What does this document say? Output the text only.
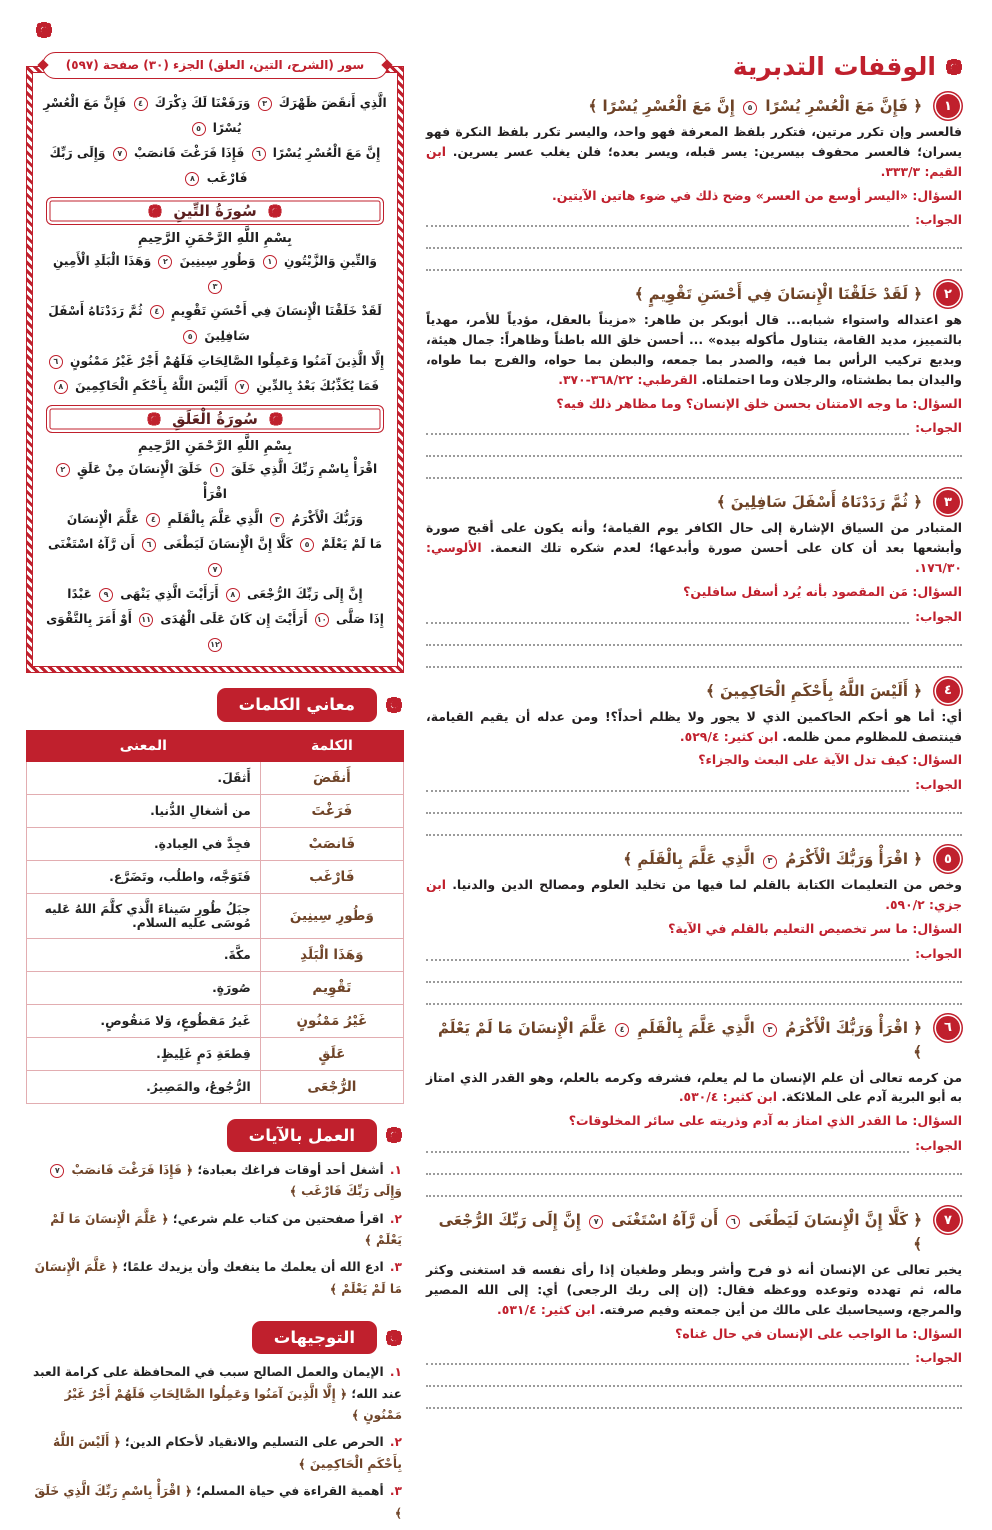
الوقفات التدبرية
١
﴿ فَإِنَّ مَعَ الْعُسْرِ يُسْرًا ٥ إِنَّ مَعَ الْعُسْرِ يُسْرًا ﴾

فالعسر وإن تكرر مرتين، فتكرر بلفظ المعرفة فهو واحد، واليسر تكرر بلفظ النكرة فهو يسران؛ فالعسر محفوف بيسرين: يسر قبله، ويسر بعده؛ فلن يغلب عسر يسرين. ابن القيم: ٣٣٣/٣.

السؤال: «اليسر أوسع من العسر» وضح ذلك في ضوء هاتين الآيتين.

الجواب:
٢
﴿ لَقَدْ خَلَقْنَا الْإِنسَانَ فِي أَحْسَنِ تَقْوِيمٍ ﴾

هو اعتداله واستواء شبابه... قال أبوبكر بن طاهر: «مزيناً بالعقل، مؤدياً للأمر، مهدياً بالتمييز، مديد القامة، يتناول مأكوله بيده» ... أحسن خلق الله باطناً وظاهراً: جمال هيئة، وبديع تركيب الرأس بما فيه، والصدر بما جمعه، والبطن بما حواه، والفرج بما طواه، واليدان بما بطشتاه، والرجلان وما احتملتاه. القرطبي: ٣٦٨/٢٢-٣٧٠.

السؤال: ما وجه الامتنان بحسن خلق الإنسان؟ وما مظاهر ذلك فيه؟

الجواب:
٣
﴿ ثُمَّ رَدَدْنَاهُ أَسْفَلَ سَافِلِينَ ﴾

المتبادر من السياق الإشارة إلى حال الكافر يوم القيامة؛ وأنه يكون على أقبح صورة وأبشعها بعد أن كان على أحسن صورة وأبدعها؛ لعدم شكره تلك النعمة. الألوسي: ١٧٦/٣٠.

السؤال: مَن المقصود بأنه يُرد أسفل سافلين؟

الجواب:
٤
﴿ أَلَيْسَ اللَّهُ بِأَحْكَمِ الْحَاكِمِينَ ﴾

أي: أما هو أحكم الحاكمين الذي لا يجور ولا يظلم أحداً؟! ومن عدله أن يقيم القيامة، فينتصف للمظلوم ممن ظلمه. ابن كثير: ٥٢٩/٤.

السؤال: كيف تدل الآية على البعث والجزاء؟

الجواب:
٥
﴿ اقْرَأْ وَرَبُّكَ الْأَكْرَمُ ٣ الَّذِي عَلَّمَ بِالْقَلَمِ ﴾

وخص من التعليمات الكتابة بالقلم لما فيها من تخليد العلوم ومصالح الدين والدنيا. ابن جزي: ٥٩٠/٢.

السؤال: ما سر تخصيص التعليم بالقلم في الآية؟

الجواب:
٦
﴿ اقْرَأْ وَرَبُّكَ الْأَكْرَمُ ٣ الَّذِي عَلَّمَ بِالْقَلَمِ ٤ عَلَّمَ الْإِنسَانَ مَا لَمْ يَعْلَمْ ﴾

من كرمه تعالى أن علم الإنسان ما لم يعلم، فشرفه وكرمه بالعلم، وهو القدر الذي امتاز به أبو البرية آدم على الملائكة. ابن كثير: ٥٣٠/٤.

السؤال: ما القدر الذي امتاز به آدم وذريته على سائر المخلوقات؟

الجواب:
٧
﴿ كَلَّا إِنَّ الْإِنسَانَ لَيَطْغَى ٦ أَن رَّآهُ اسْتَغْنَى ٧ إِنَّ إِلَى رَبِّكَ الرُّجْعَى ﴾

يخبر تعالى عن الإنسان أنه ذو فرح وأشر وبطر وطغيان إذا رأى نفسه قد استغنى وكثر ماله، ثم تهدده وتوعده ووعظه فقال: (إن إلى ربك الرجعى) أي: إلى الله المصير والمرجع، وسيحاسبك على مالك من أين جمعته وفيم صرفته. ابن كثير: ٥٣١/٤.

السؤال: ما الواجب على الإنسان في حال غناه؟

الجواب:
سور (الشرح، التين، العلق) الجزء (٣٠) صفحة (٥٩٧)
الَّذِي أَنقَضَ ظَهْرَكَ ٣ وَرَفَعْنَا لَكَ ذِكْرَكَ ٤ فَإِنَّ مَعَ الْعُسْرِ يُسْرًا ٥
إِنَّ مَعَ الْعُسْرِ يُسْرًا ٦ فَإِذَا فَرَغْتَ فَانصَبْ ٧ وَإِلَى رَبِّكَ فَارْغَب ٨
سُورَةُ التِّينِ
بِسْمِ اللَّهِ الرَّحْمَنِ الرَّحِيمِ
وَالتِّينِ وَالزَّيْتُونِ ١ وَطُورِ سِينِينَ ٢ وَهَذَا الْبَلَدِ الْأَمِينِ ٣
لَقَدْ خَلَقْنَا الْإِنسَانَ فِي أَحْسَنِ تَقْوِيمٍ ٤ ثُمَّ رَدَدْنَاهُ أَسْفَلَ سَافِلِينَ ٥
إِلَّا الَّذِينَ آمَنُوا وَعَمِلُوا الصَّالِحَاتِ فَلَهُمْ أَجْرٌ غَيْرُ مَمْنُونٍ ٦
فَمَا يُكَذِّبُكَ بَعْدُ بِالدِّينِ ٧ أَلَيْسَ اللَّهُ بِأَحْكَمِ الْحَاكِمِينَ ٨
سُورَةُ الْعَلَقِ
بِسْمِ اللَّهِ الرَّحْمَنِ الرَّحِيمِ
اقْرَأْ بِاسْمِ رَبِّكَ الَّذِي خَلَقَ ١ خَلَقَ الْإِنسَانَ مِنْ عَلَقٍ ٢ اقْرَأْ
وَرَبُّكَ الْأَكْرَمُ ٣ الَّذِي عَلَّمَ بِالْقَلَمِ ٤ عَلَّمَ الْإِنسَانَ
مَا لَمْ يَعْلَمْ ٥ كَلَّا إِنَّ الْإِنسَانَ لَيَطْغَى ٦ أَن رَّآهُ اسْتَغْنَى ٧
إِنَّ إِلَى رَبِّكَ الرُّجْعَى ٨ أَرَأَيْتَ الَّذِي يَنْهَى ٩ عَبْدًا
إِذَا صَلَّى ١٠ أَرَأَيْتَ إِن كَانَ عَلَى الْهُدَى ١١ أَوْ أَمَرَ بِالتَّقْوَى ١٢
معاني الكلمات
الكلمة	المعنى
أَنقَضَ	أَثقَلَ.
فَرَغْتَ	من أشغالِ الدُّنيا.
فَانصَبْ	فجِدَّ في العِبادةِ.
فَارْغَب	فَتَوَجَّه، واطلُب، وتَضَرَّع.
وَطُورِ سِينِينَ	جبَلُ طُورِ سَيناءَ الَّذي كلَّمَ اللهُ عَليه مُوسَى عليه السلام.
وَهَذَا الْبَلَدِ	مكَّةَ.
تَقْوِيم	صُورَةٍ.
غَيْرُ مَمْنُونٍ	غَيرُ مَقطُوعٍ، وَلا مَنقُوصٍ.
عَلَقٍ	قِطعَةِ دَمٍ غَلِيظٍ.
الرُّجْعَى	الرُّجُوعُ، والمَصِيرُ.
العمل بالآيات
١. أشغل أحد أوقات فراغك بعبادة؛ ﴿ فَإِذَا فَرَغْتَ فَانصَبْ ٧ وَإِلَى رَبِّكَ فَارْغَب ﴾
٢. اقرأ صفحتين من كتاب علم شرعي؛ ﴿ عَلَّمَ الْإِنسَانَ مَا لَمْ يَعْلَمْ ﴾
٣. ادع الله أن يعلمك ما ينفعك وأن يزيدك علمًا؛ ﴿ عَلَّمَ الْإِنسَانَ مَا لَمْ يَعْلَمْ ﴾
التوجيهات
١. الإيمان والعمل الصالح سبب في المحافظة على كرامة العبد عند الله؛ ﴿ إِلَّا الَّذِينَ آمَنُوا وَعَمِلُوا الصَّالِحَاتِ فَلَهُمْ أَجْرٌ غَيْرُ مَمْنُونٍ ﴾
٢. الحرص على التسليم والانقياد لأحكام الدين؛ ﴿ أَلَيْسَ اللَّهُ بِأَحْكَمِ الْحَاكِمِينَ ﴾
٣. أهمية القراءة في حياة المسلم؛ ﴿ اقْرَأْ بِاسْمِ رَبِّكَ الَّذِي خَلَقَ ﴾
